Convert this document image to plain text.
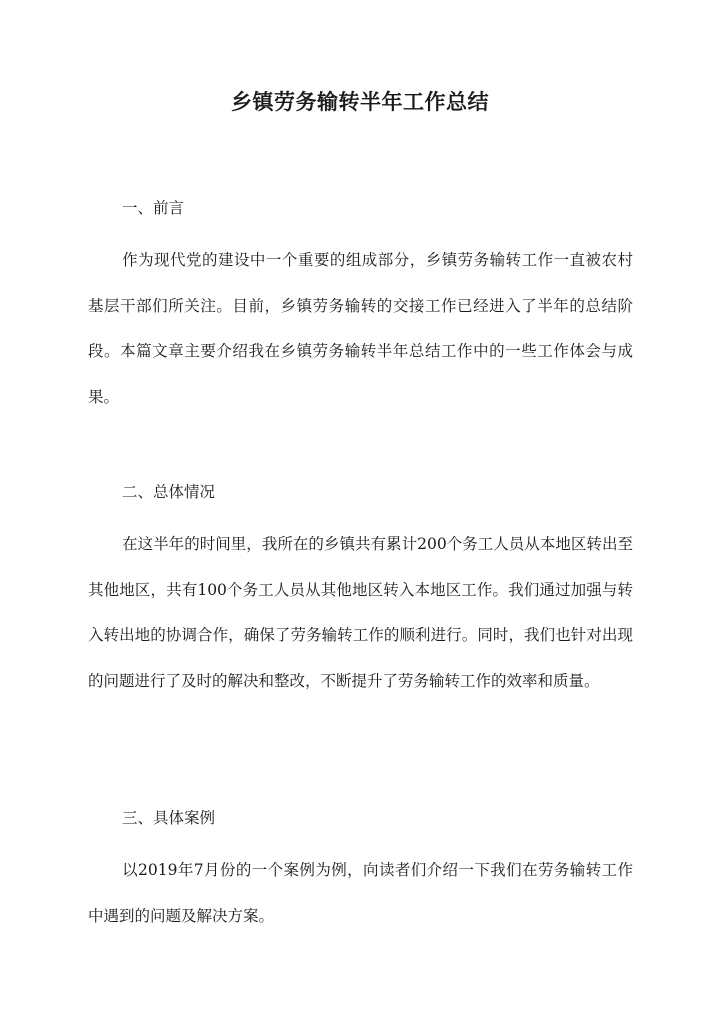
乡镇劳务输转半年工作总结
一、前言

作为现代党的建设中一个重要的组成部分，乡镇劳务输转工作一直被农村基层干部们所关注。目前，乡镇劳务输转的交接工作已经进入了半年的总结阶段。本篇文章主要介绍我在乡镇劳务输转半年总结工作中的一些工作体会与成果。

二、总体情况

在这半年的时间里，我所在的乡镇共有累计200个务工人员从本地区转出至其他地区，共有100个务工人员从其他地区转入本地区工作。我们通过加强与转入转出地的协调合作，确保了劳务输转工作的顺利进行。同时，我们也针对出现的问题进行了及时的解决和整改，不断提升了劳务输转工作的效率和质量。

三、具体案例

以2019年7月份的一个案例为例，向读者们介绍一下我们在劳务输转工作中遇到的问题及解决方案。
